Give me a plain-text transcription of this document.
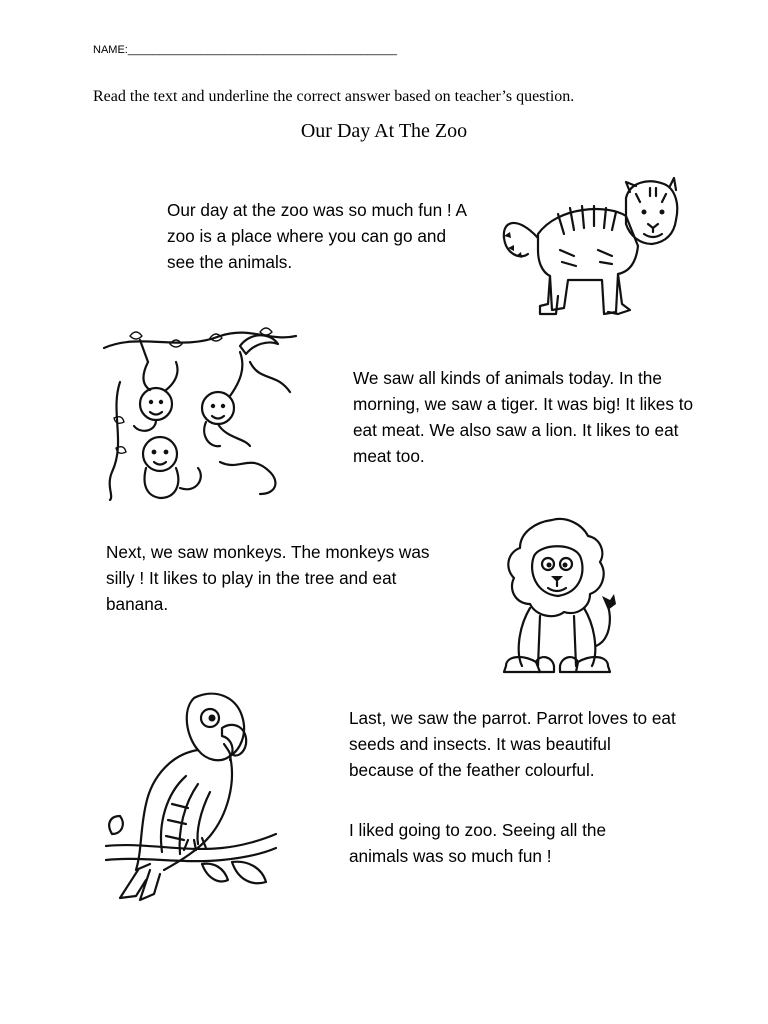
NAME:____________________________________________
Read the text and underline the correct answer based on teacher’s question.
Our Day At The Zoo
Our day at the zoo was so much fun ! A zoo is a place where you can go and see the animals.
We saw all kinds of animals today. In the morning, we saw a tiger. It was big! It likes to eat meat. We also saw a lion. It likes to eat meat too.
Next, we saw monkeys. The monkeys was silly ! It likes to play in the tree and eat banana.
Last, we saw the parrot. Parrot loves to eat seeds and insects. It was beautiful because of the feather colourful.
I liked going to zoo. Seeing all the animals was so much fun !
